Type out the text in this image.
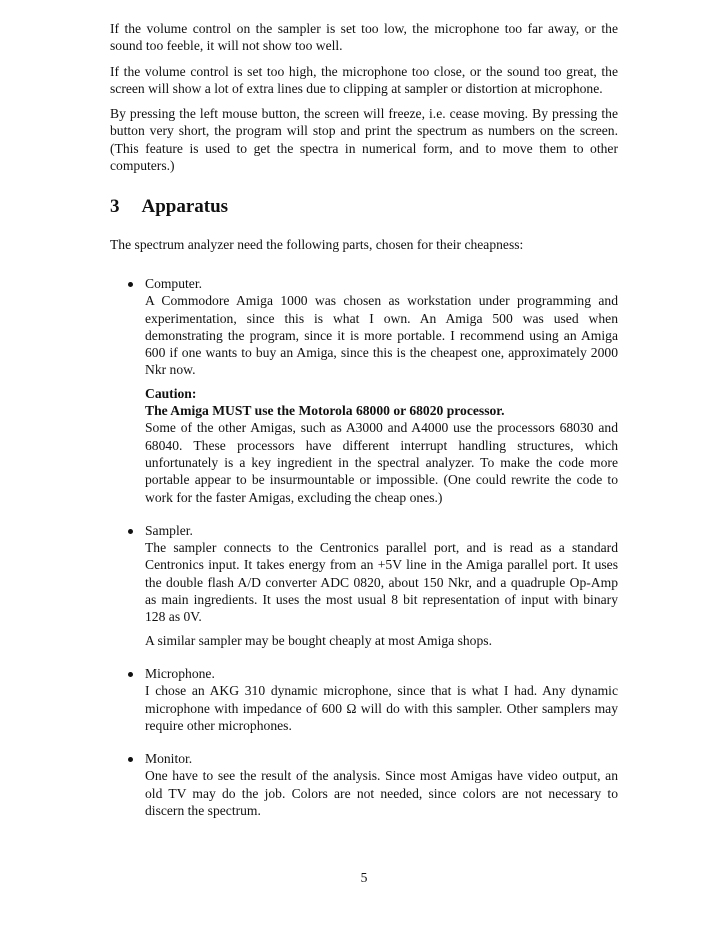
If the volume control on the sampler is set too low, the microphone too far away, or the sound too feeble, it will not show too well.

If the volume control is set too high, the microphone too close, or the sound too great, the screen will show a lot of extra lines due to clipping at sampler or distortion at microphone.

By pressing the left mouse button, the screen will freeze, i.e. cease moving. By pressing the button very short, the program will stop and print the spectrum as numbers on the screen. (This feature is used to get the spectra in numerical form, and to move them to other computers.)

3 Apparatus

The spectrum analyzer need the following parts, chosen for their cheapness:

Computer.
A Commodore Amiga 1000 was chosen as workstation under programming and experimentation, since this is what I own. An Amiga 500 was used when demonstrating the program, since it is more portable. I recommend using an Amiga 600 if one wants to buy an Amiga, since this is the cheapest one, approximately 2000 Nkr now.
Caution:
The Amiga MUST use the Motorola 68000 or 68020 processor.
Some of the other Amigas, such as A3000 and A4000 use the processors 68030 and 68040. These processors have different interrupt handling structures, which unfortunately is a key ingredient in the spectral analyzer. To make the code more portable appear to be insurmountable or impossible. (One could rewrite the code to work for the faster Amigas, excluding the cheap ones.)
Sampler.
The sampler connects to the Centronics parallel port, and is read as a standard Centronics input. It takes energy from an +5V line in the Amiga parallel port. It uses the double flash A/D converter ADC 0820, about 150 Nkr, and a quadruple Op-Amp as main ingredients. It uses the most usual 8 bit representation of input with binary 128 as 0V.
A similar sampler may be bought cheaply at most Amiga shops.
Microphone.
I chose an AKG 310 dynamic microphone, since that is what I had. Any dynamic microphone with impedance of 600 Ω will do with this sampler. Other samplers may require other microphones.
Monitor.
One have to see the result of the analysis. Since most Amigas have video output, an old TV may do the job. Colors are not needed, since colors are not necessary to discern the spectrum.
5
